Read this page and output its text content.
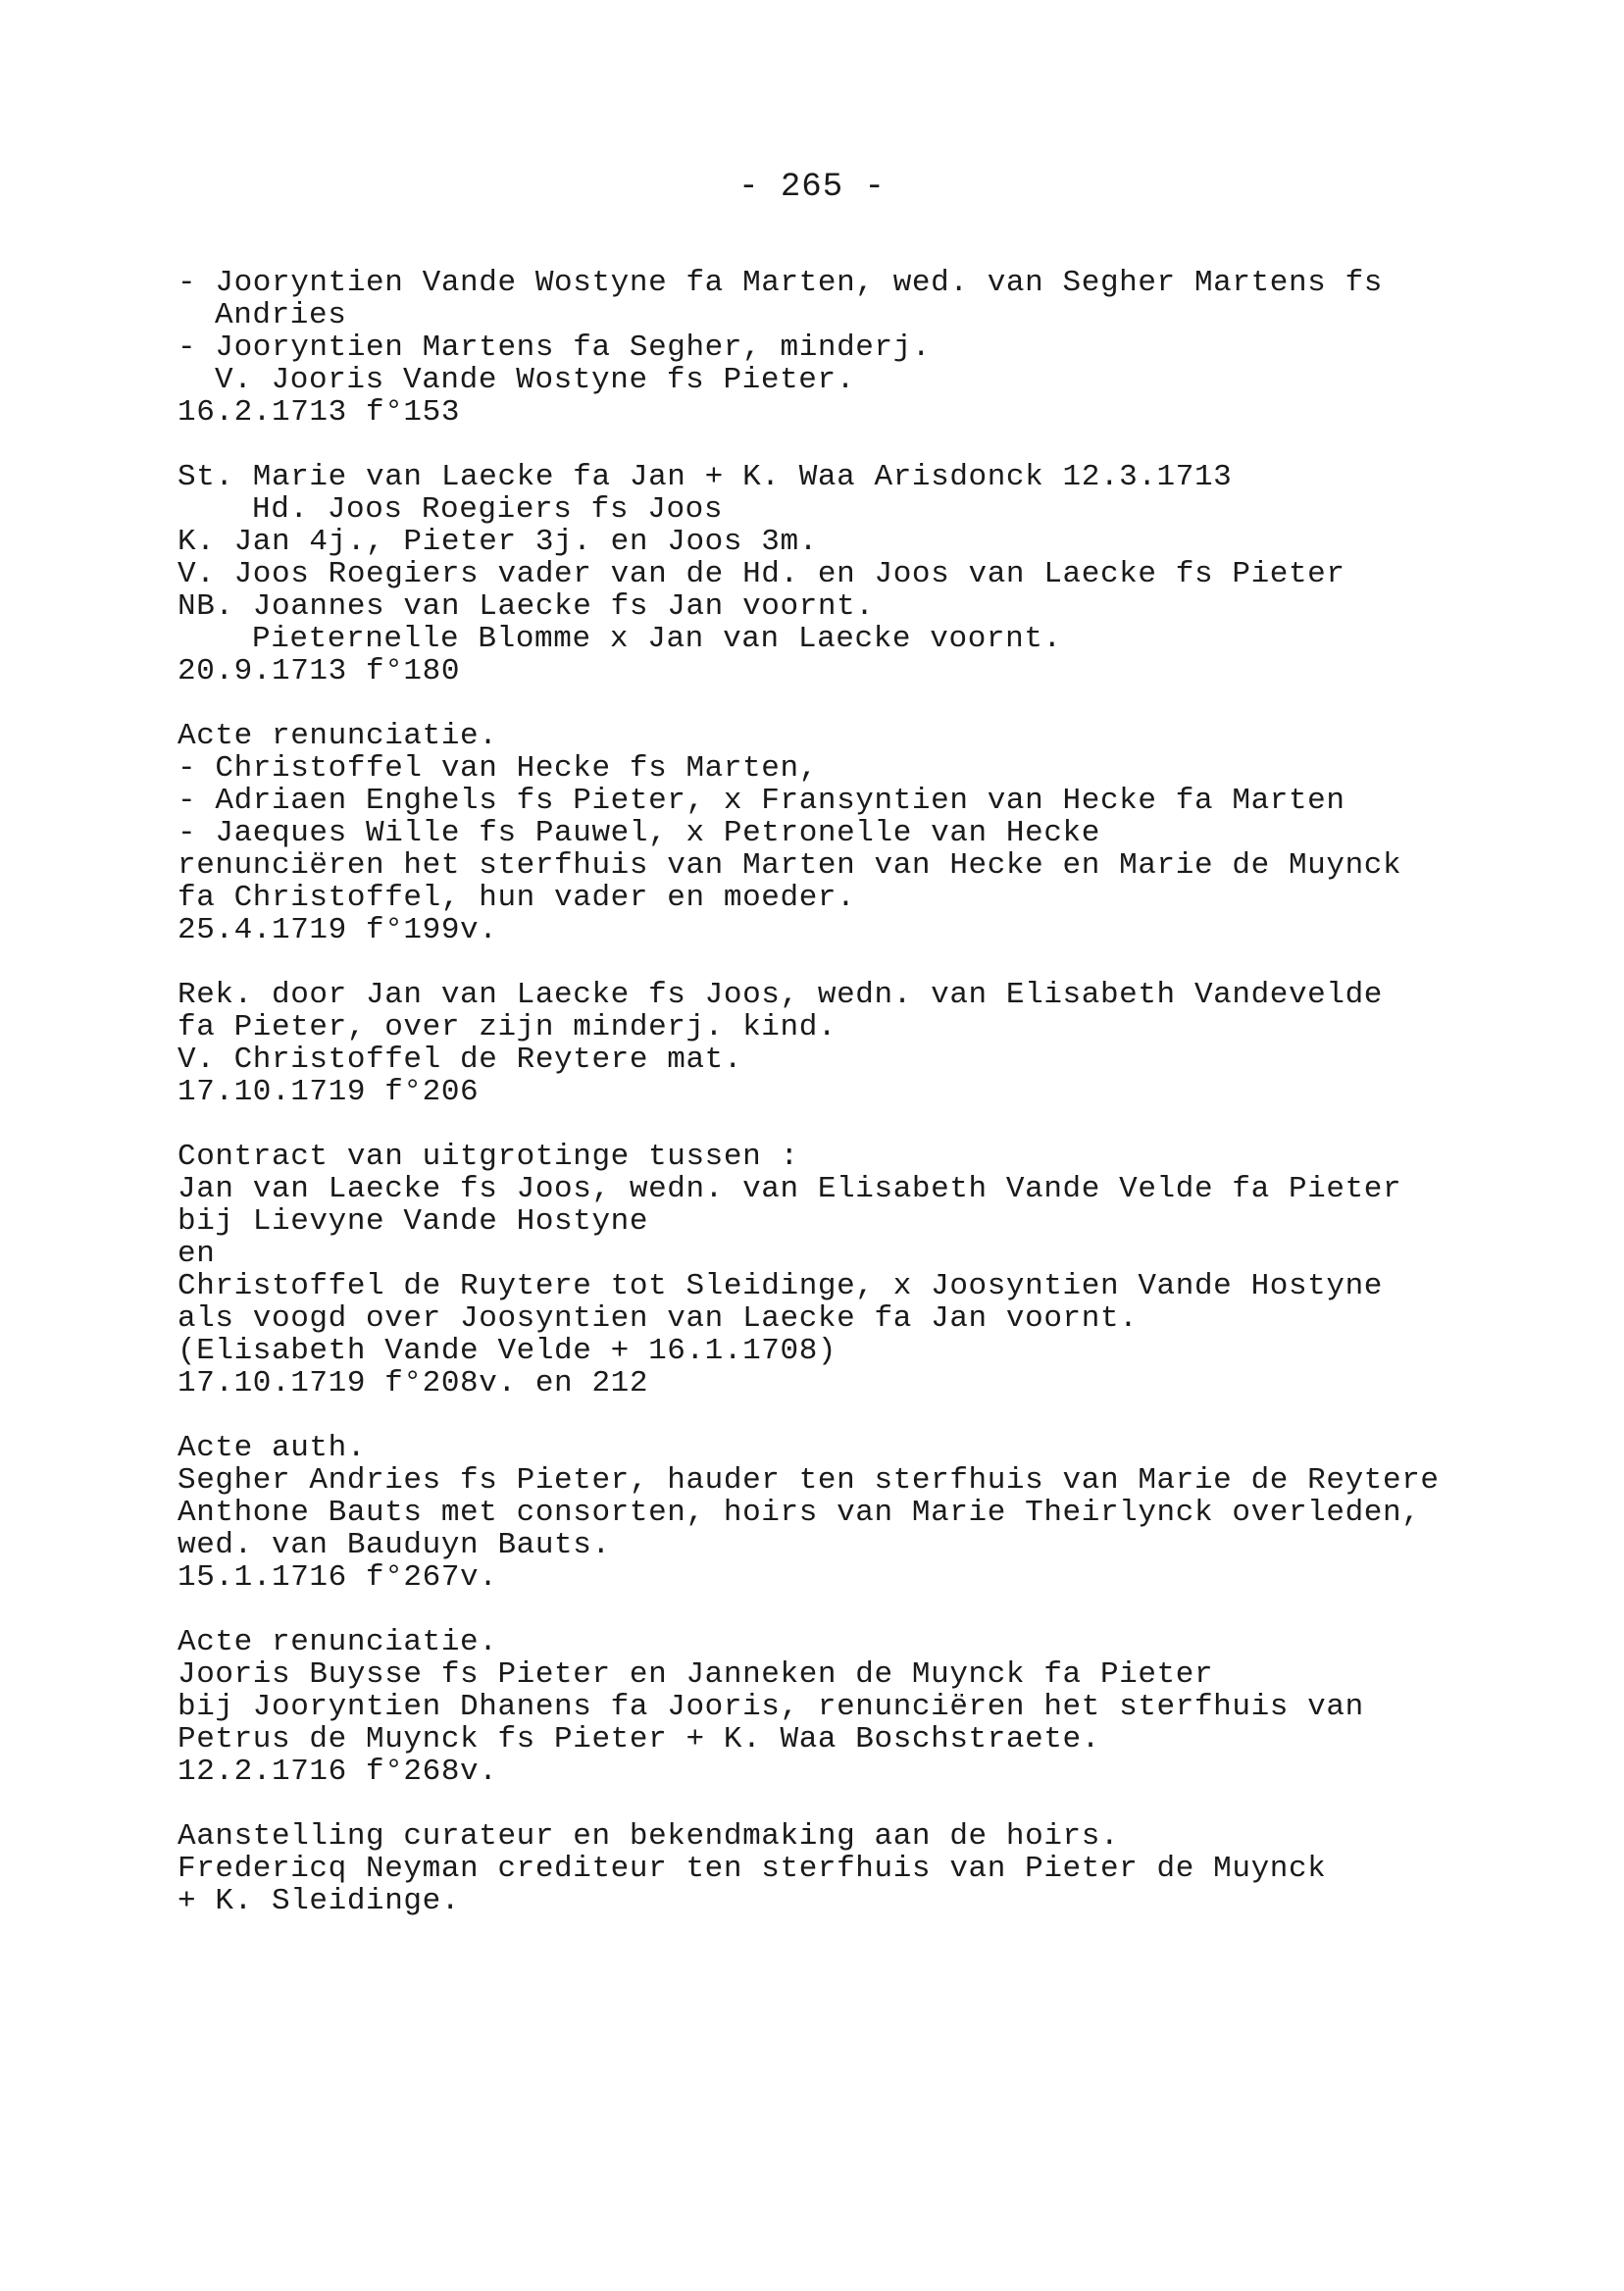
- 265 -
- Jooryntien Vande Wostyne fa Marten, wed. van Segher Martens fs
Andries
- Jooryntien Martens fa Segher, minderj.
V. Jooris Vande Wostyne fs Pieter.
16.2.1713 f°153
St. Marie van Laecke fa Jan + K. Waa Arisdonck 12.3.1713
Hd. Joos Roegiers fs Joos
K. Jan 4j., Pieter 3j. en Joos 3m.
V. Joos Roegiers vader van de Hd. en Joos van Laecke fs Pieter
NB. Joannes van Laecke fs Jan voornt.
Pieternelle Blomme x Jan van Laecke voornt.
20.9.1713 f°180
Acte renunciatie.
- Christoffel van Hecke fs Marten,
- Adriaen Enghels fs Pieter, x Fransyntien van Hecke fa Marten
- Jaeques Wille fs Pauwel, x Petronelle van Hecke
renunciëren het sterfhuis van Marten van Hecke en Marie de Muynck
fa Christoffel, hun vader en moeder.
25.4.1719 f°199v.
Rek. door Jan van Laecke fs Joos, wedn. van Elisabeth Vandevelde
fa Pieter, over zijn minderj. kind.
V. Christoffel de Reytere mat.
17.10.1719 f°206
Contract van uitgrotinge tussen :
Jan van Laecke fs Joos, wedn. van Elisabeth Vande Velde fa Pieter
bij Lievyne Vande Hostyne
en
Christoffel de Ruytere tot Sleidinge, x Joosyntien Vande Hostyne
als voogd over Joosyntien van Laecke fa Jan voornt.
(Elisabeth Vande Velde + 16.1.1708)
17.10.1719 f°208v. en 212
Acte auth.
Segher Andries fs Pieter, hauder ten sterfhuis van Marie de Reytere
Anthone Bauts met consorten, hoirs van Marie Theirlynck overleden,
wed. van Bauduyn Bauts.
15.1.1716 f°267v.
Acte renunciatie.
Jooris Buysse fs Pieter en Janneken de Muynck fa Pieter
bij Jooryntien Dhanens fa Jooris, renunciëren het sterfhuis van
Petrus de Muynck fs Pieter + K. Waa Boschstraete.
12.2.1716 f°268v.
Aanstelling curateur en bekendmaking aan de hoirs.
Fredericq Neyman crediteur ten sterfhuis van Pieter de Muynck
+ K. Sleidinge.
